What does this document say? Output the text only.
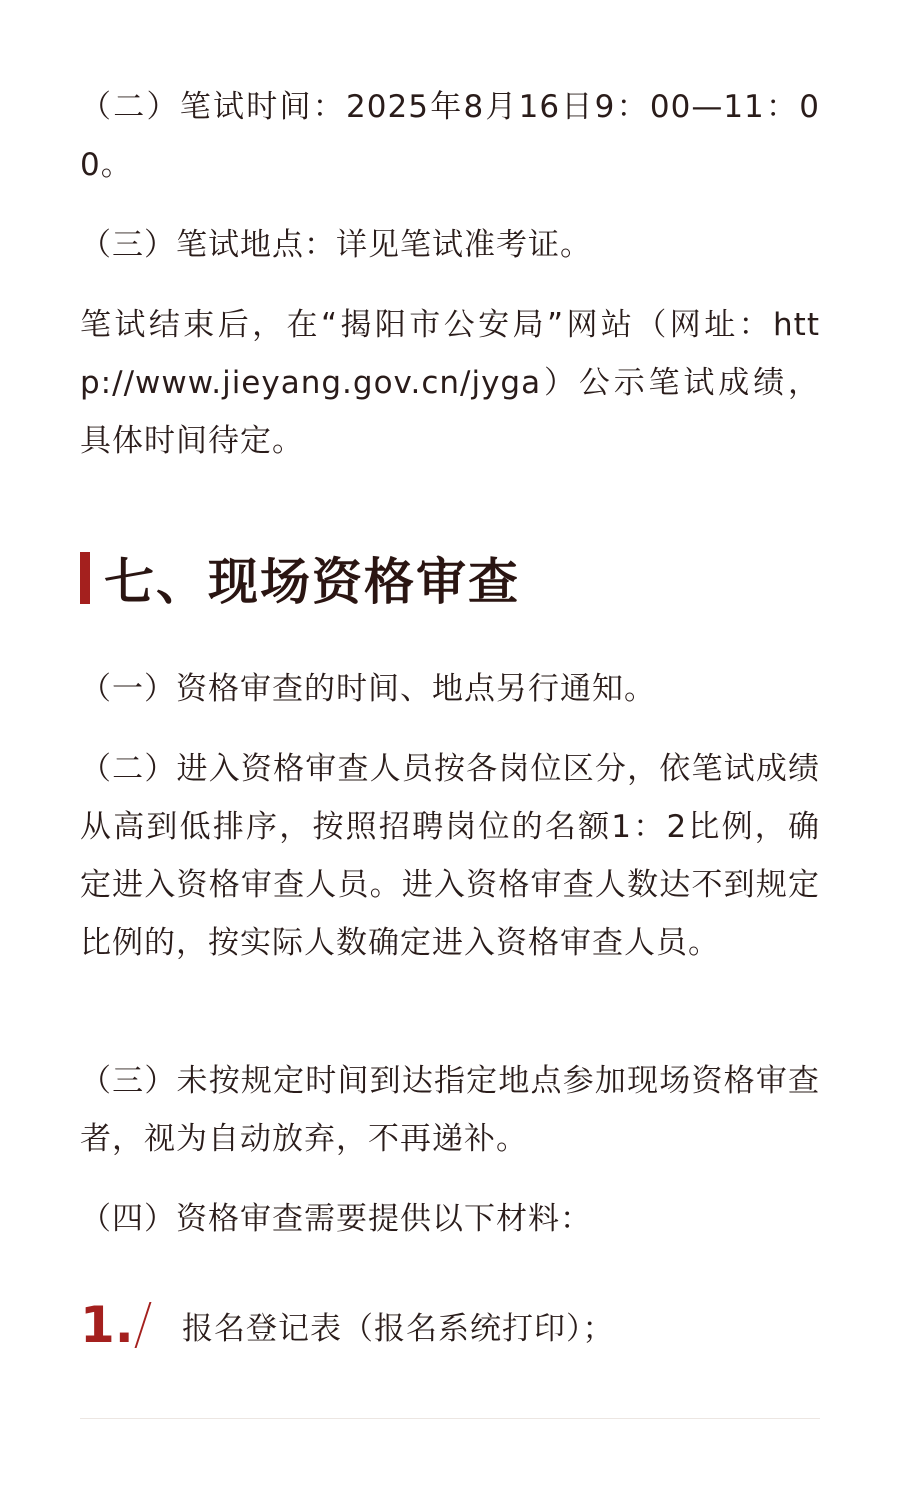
（二）笔试时间：2025年8月16日9：00—11：00。

（三）笔试地点：详见笔试准考证。

笔试结束后，在“揭阳市公安局”网站（网址：http://www.jieyang.gov.cn/jyga）公示笔试成绩，具体时间待定。

七、现场资格审查

（一）资格审查的时间、地点另行通知。

（二）进入资格审查人员按各岗位区分，依笔试成绩从高到低排序，按照招聘岗位的名额1：2比例，确定进入资格审查人员。进入资格审查人数达不到规定比例的，按实际人数确定进入资格审查人员。

（三）未按规定时间到达指定地点参加现场资格审查者，视为自动放弃，不再递补。

（四）资格审查需要提供以下材料：

1. 报名登记表（报名系统打印）；
